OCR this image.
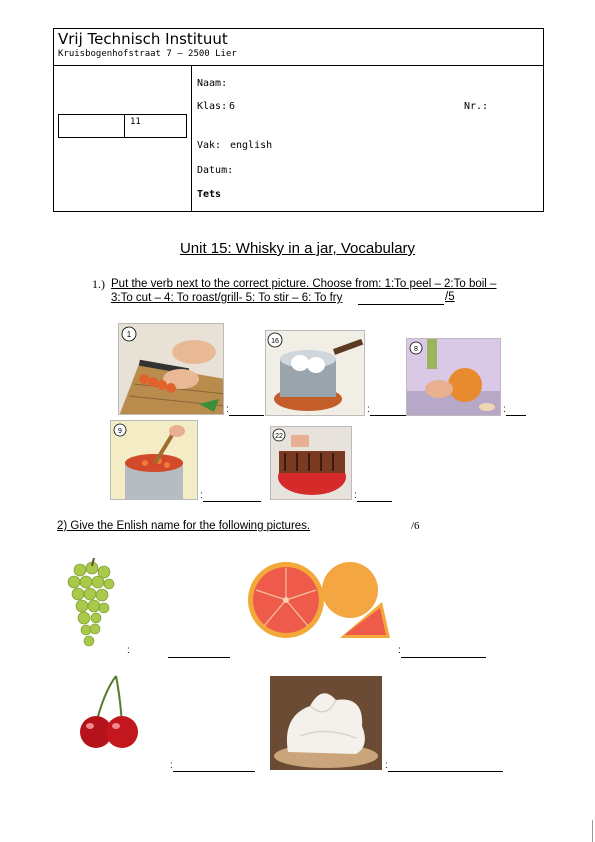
Vrij Technisch Instituut
Kruisbogenhofstraat 7 – 2500 Lier
11
Naam:
Klas: 6	Nr.:
Vak: english
Datum:
Tets
Unit 15: Whisky in a jar, Vocabulary
1.) Put the verb next to the correct picture. Choose from: 1:To peel – 2:To boil –
3:To cut – 4: To roast/grill- 5: To stir – 6: To fry	/5
1
:
16
:
8
:
9
:
22
:
2) Give the Enlish name for the following pictures.	/6
:	:
:	:
